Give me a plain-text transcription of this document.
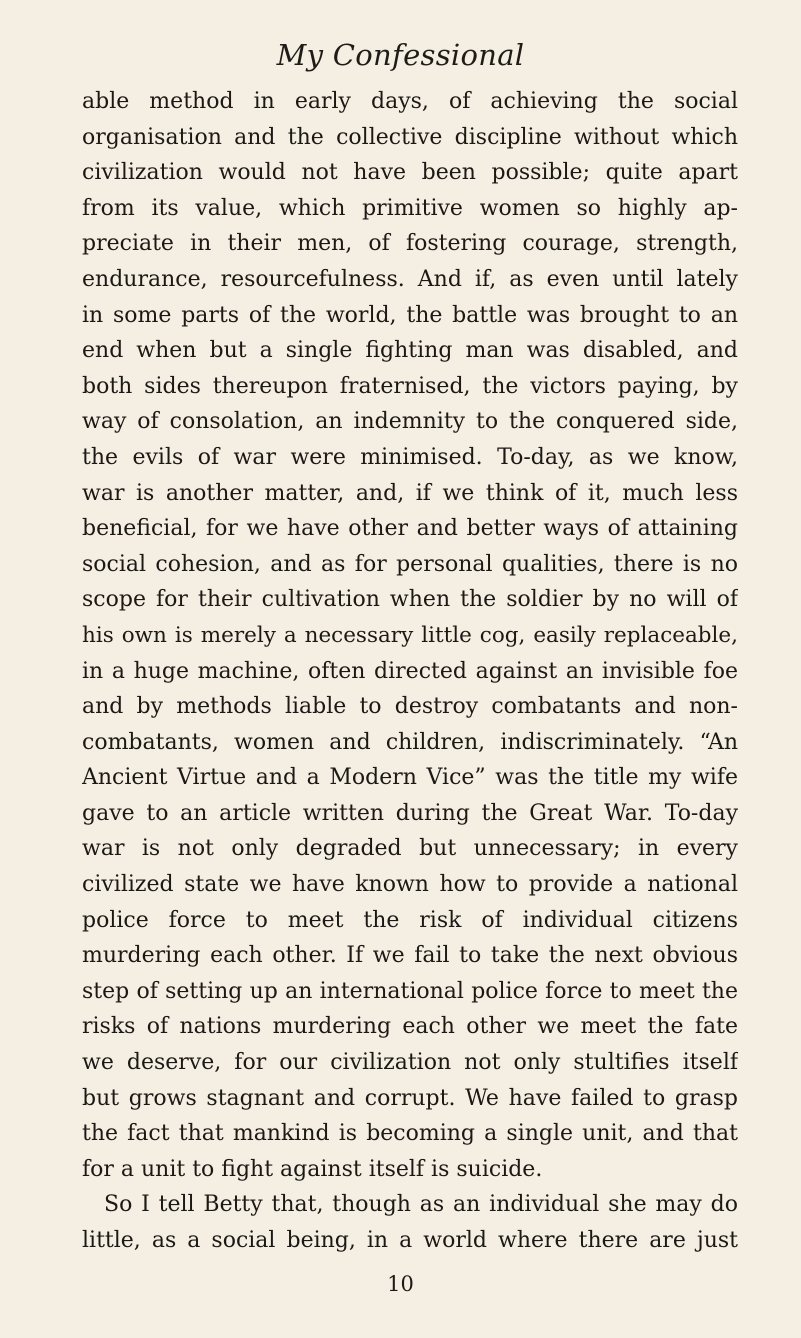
My Confessional
able method in early days, of achieving the social
organisation and the collective discipline without which
civilization would not have been possible; quite apart
from its value, which primitive women so highly ap-
preciate in their men, of fostering courage, strength,
endurance, resourcefulness. And if, as even until lately
in some parts of the world, the battle was brought to an
end when but a single fighting man was disabled, and
both sides thereupon fraternised, the victors paying, by
way of consolation, an indemnity to the conquered side,
the evils of war were minimised. To-day, as we know,
war is another matter, and, if we think of it, much less
beneficial, for we have other and better ways of attaining
social cohesion, and as for personal qualities, there is no
scope for their cultivation when the soldier by no will of
his own is merely a necessary little cog, easily replaceable,
in a huge machine, often directed against an invisible foe
and by methods liable to destroy combatants and non-
combatants, women and children, indiscriminately. “An
Ancient Virtue and a Modern Vice” was the title my wife
gave to an article written during the Great War. To-day
war is not only degraded but unnecessary; in every
civilized state we have known how to provide a national
police force to meet the risk of individual citizens
murdering each other. If we fail to take the next obvious
step of setting up an international police force to meet the
risks of nations murdering each other we meet the fate
we deserve, for our civilization not only stultifies itself
but grows stagnant and corrupt. We have failed to grasp
the fact that mankind is becoming a single unit, and that
for a unit to fight against itself is suicide.
So I tell Betty that, though as an individual she may do
little, as a social being, in a world where there are just
10
